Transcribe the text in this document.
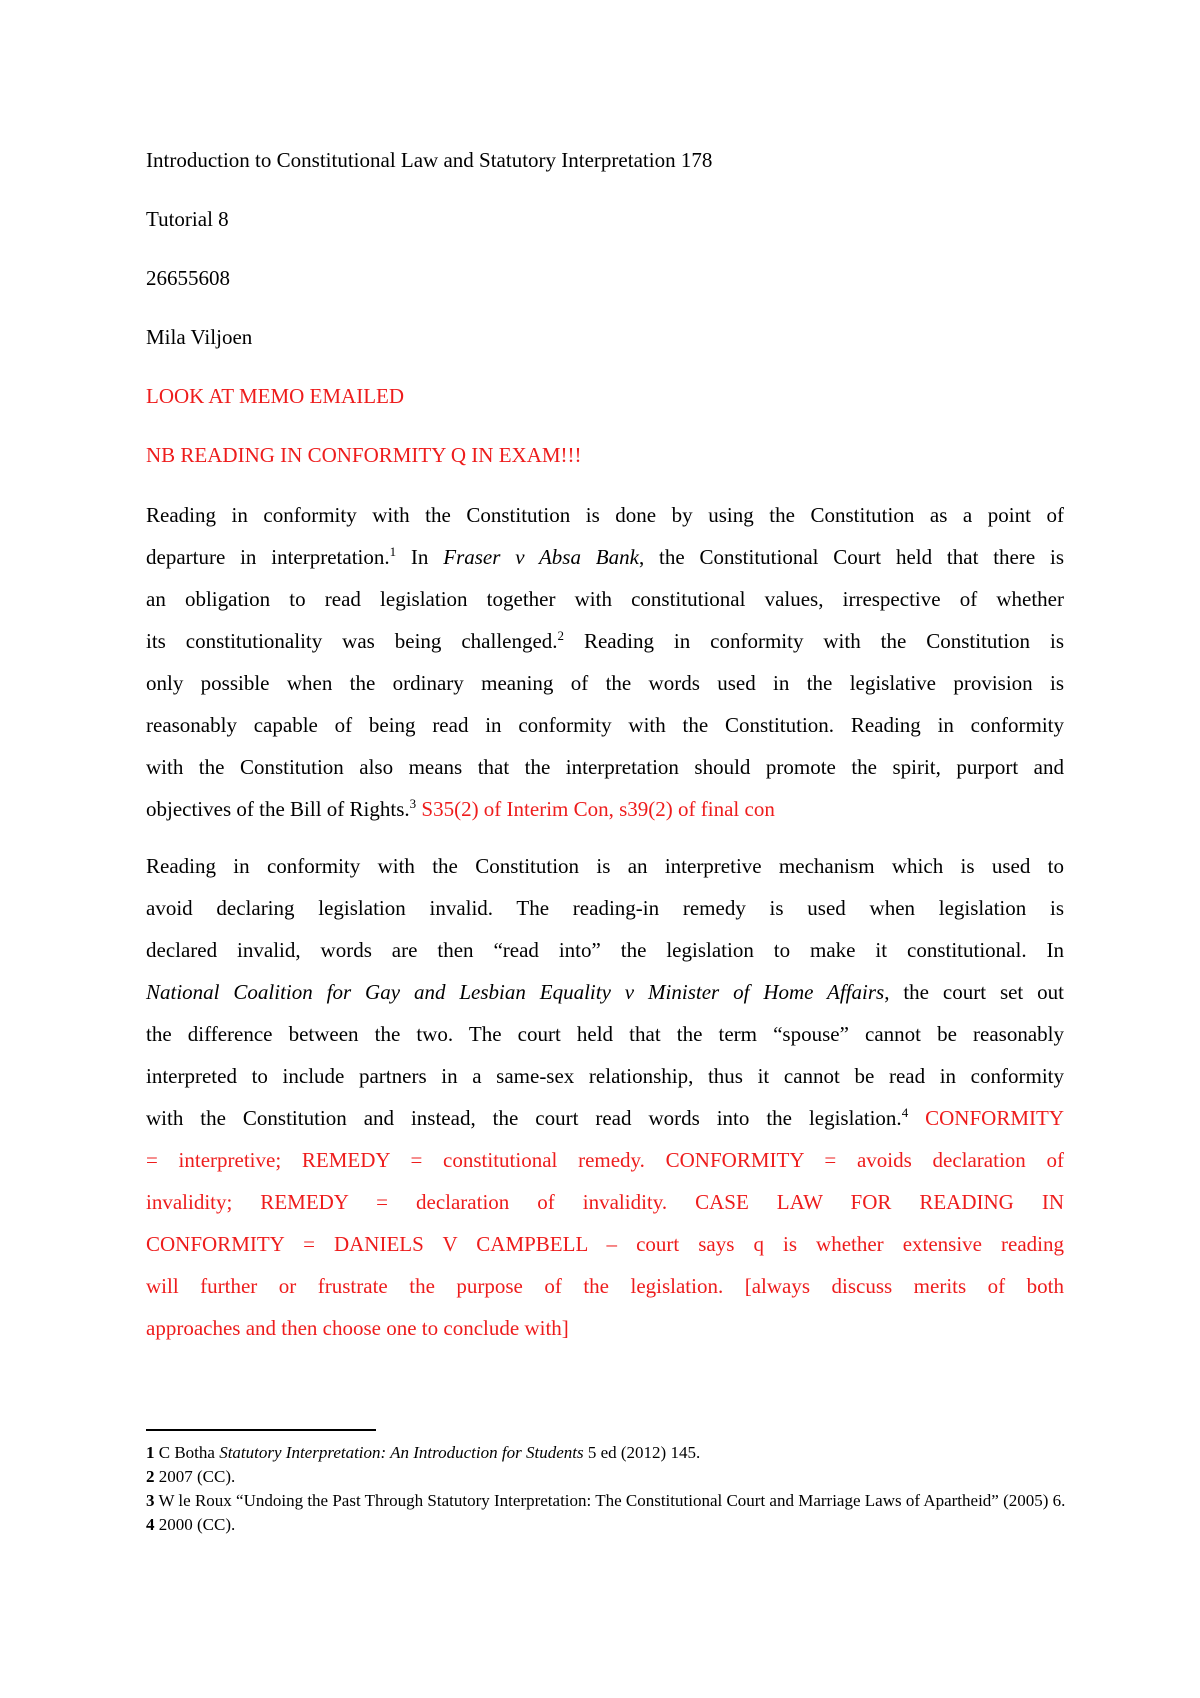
Introduction to Constitutional Law and Statutory Interpretation 178

Tutorial 8

26655608

Mila Viljoen

LOOK AT MEMO EMAILED

NB READING IN CONFORMITY Q IN EXAM!!!

Reading in conformity with the Constitution is done by using the Constitution as a point of
departure in interpretation.$^1$ In Fraser v Absa Bank, the Constitutional Court held that there is
an obligation to read legislation together with constitutional values, irrespective of whether
its constitutionality was being challenged.$^2$ Reading in conformity with the Constitution is
only possible when the ordinary meaning of the words used in the legislative provision is
reasonably capable of being read in conformity with the Constitution. Reading in conformity
with the Constitution also means that the interpretation should promote the spirit, purport and
objectives of the Bill of Rights.$^3$ S35(2) of Interim Con, s39(2) of final con
Reading in conformity with the Constitution is an interpretive mechanism which is used to
avoid declaring legislation invalid. The reading-in remedy is used when legislation is
declared invalid, words are then “read into” the legislation to make it constitutional. In
National Coalition for Gay and Lesbian Equality v Minister of Home Affairs, the court set out
the difference between the two. The court held that the term “spouse” cannot be reasonably
interpreted to include partners in a same-sex relationship, thus it cannot be read in conformity
with the Constitution and instead, the court read words into the legislation.$^4$ CONFORMITY
= interpretive; REMEDY = constitutional remedy. CONFORMITY = avoids declaration of
invalidity; REMEDY = declaration of invalidity. CASE LAW FOR READING IN
CONFORMITY = DANIELS V CAMPBELL – court says q is whether extensive reading
will further or frustrate the purpose of the legislation. [always discuss merits of both
approaches and then choose one to conclude with]

1 C Botha Statutory Interpretation: An Introduction for Students 5 ed (2012) 145.

2 2007 (CC).

3 W le Roux “Undoing the Past Through Statutory Interpretation: The Constitutional Court and Marriage Laws of Apartheid” (2005) 6.

4 2000 (CC).
